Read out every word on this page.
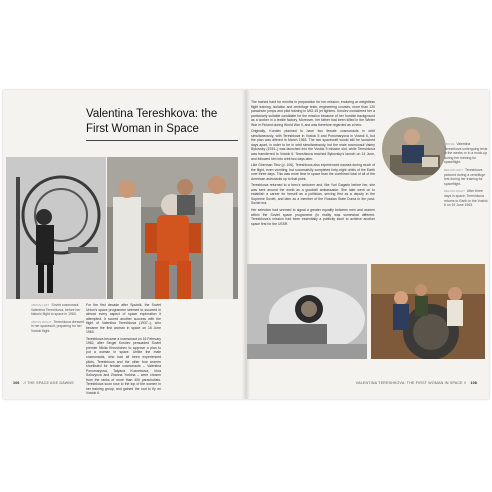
Valentina Tereshkova: the First Woman in Space
ABOVE LEFT Soviet cosmonaut Valentina Tereshkova, before her historic flight to space in 1963.
ABOVE RIGHT Tereshkova dressed in her spacesuit, preparing for her Vostok flight.

For the first decade after Sputnik, the Soviet Union's space programme seemed to succeed in almost every aspect of space exploration it attempted. It scored another success with the flight of Valentina Tereshkova (1937–), who became the first woman in space on 16 June 1963.

Tereshkova became a cosmonaut on 16 February 1962, after Sergei Korolev persuaded Soviet premier Nikita Khrushchev to approve a plan to put a woman in space. Unlike the male cosmonauts, who had all been experienced pilots, Tereshkova and the other four women shortlisted for female cosmonauts – Valentina Ponomaryova, Tatyana Kuznetsova, Irina Solovyova and Zhanna Yorkina – were chosen from the ranks of more than 400 parachutists. Tereshkova soon rose to the top of the women in her training group, and gained the nod to fly on Vostok 6.

106 // THE SPACE AGE DAWNS

The trained hard for months in preparation for her mission, enduring ar weightless flight training, isolation and centrifuge tests, engineering courses, more than 120 parachute jumps and pilot training in MiG-15 jet fighters. Korolev considered her a particularly suitable candidate for the mission because of her humble background as a worker in a textile factory. Moreover, her father had been killed in the Winter War in Finland during World War II, and was therefore regarded as a hero.

Originally, Korolev planned to have two female cosmonauts in orbit simultaneously, with Tereshkova in Vostok 5 and Ponomaryova in Vostok 6, but the plan was altered in March 1963. The two spacecraft would still be launched days apart, in order to be in orbit simultaneously, but the male cosmonaut Valery Bykovsky (1934–) was launched into the Vostok 5 mission slot, while Tereshkova was transferred to Vostok 6. Tereshkova reached Bykovsky's launch on 14 June, and followed him into orbit two days later.

Like Gherman Titov (p. 106), Tereshkova also experienced nausea during much of the flight, even vomiting, but successfully completed forty-eight orbits of the Earth over three days. This was more time in space than the combined total of all of the American astronauts up to that point.

Tereshkova returned to a hero's welcome and, like Yuri Gagarin before her, she was sent around the world as a goodwill ambassador. She later went on to establish a career for herself as a politician, serving first as a deputy in the Supreme Soviet, and later as a member of the Russian State Duma in the post-Soviet era.

Her selection had seemed to signal a greater equality between men and women within the Soviet space programme (in reality was somewhat different. Tereshkova's mission had been essentially a publicity stunt to achieve another space first for the USSR.

ABOVE Valentina Tereshkova undergoing tests in the weeks or in a mock-up during her training for spaceflight.
BELOW LEFT Tereshkova pictured during a centrifuge test during her training for spaceflight.
BELOW RIGHT After three days in space, Tereshkova returns to Earth in the Vostok 6 on 19 June 1963.
VALENTINA TERESHKOVA: THE FIRST WOMAN IN SPACE // 108
